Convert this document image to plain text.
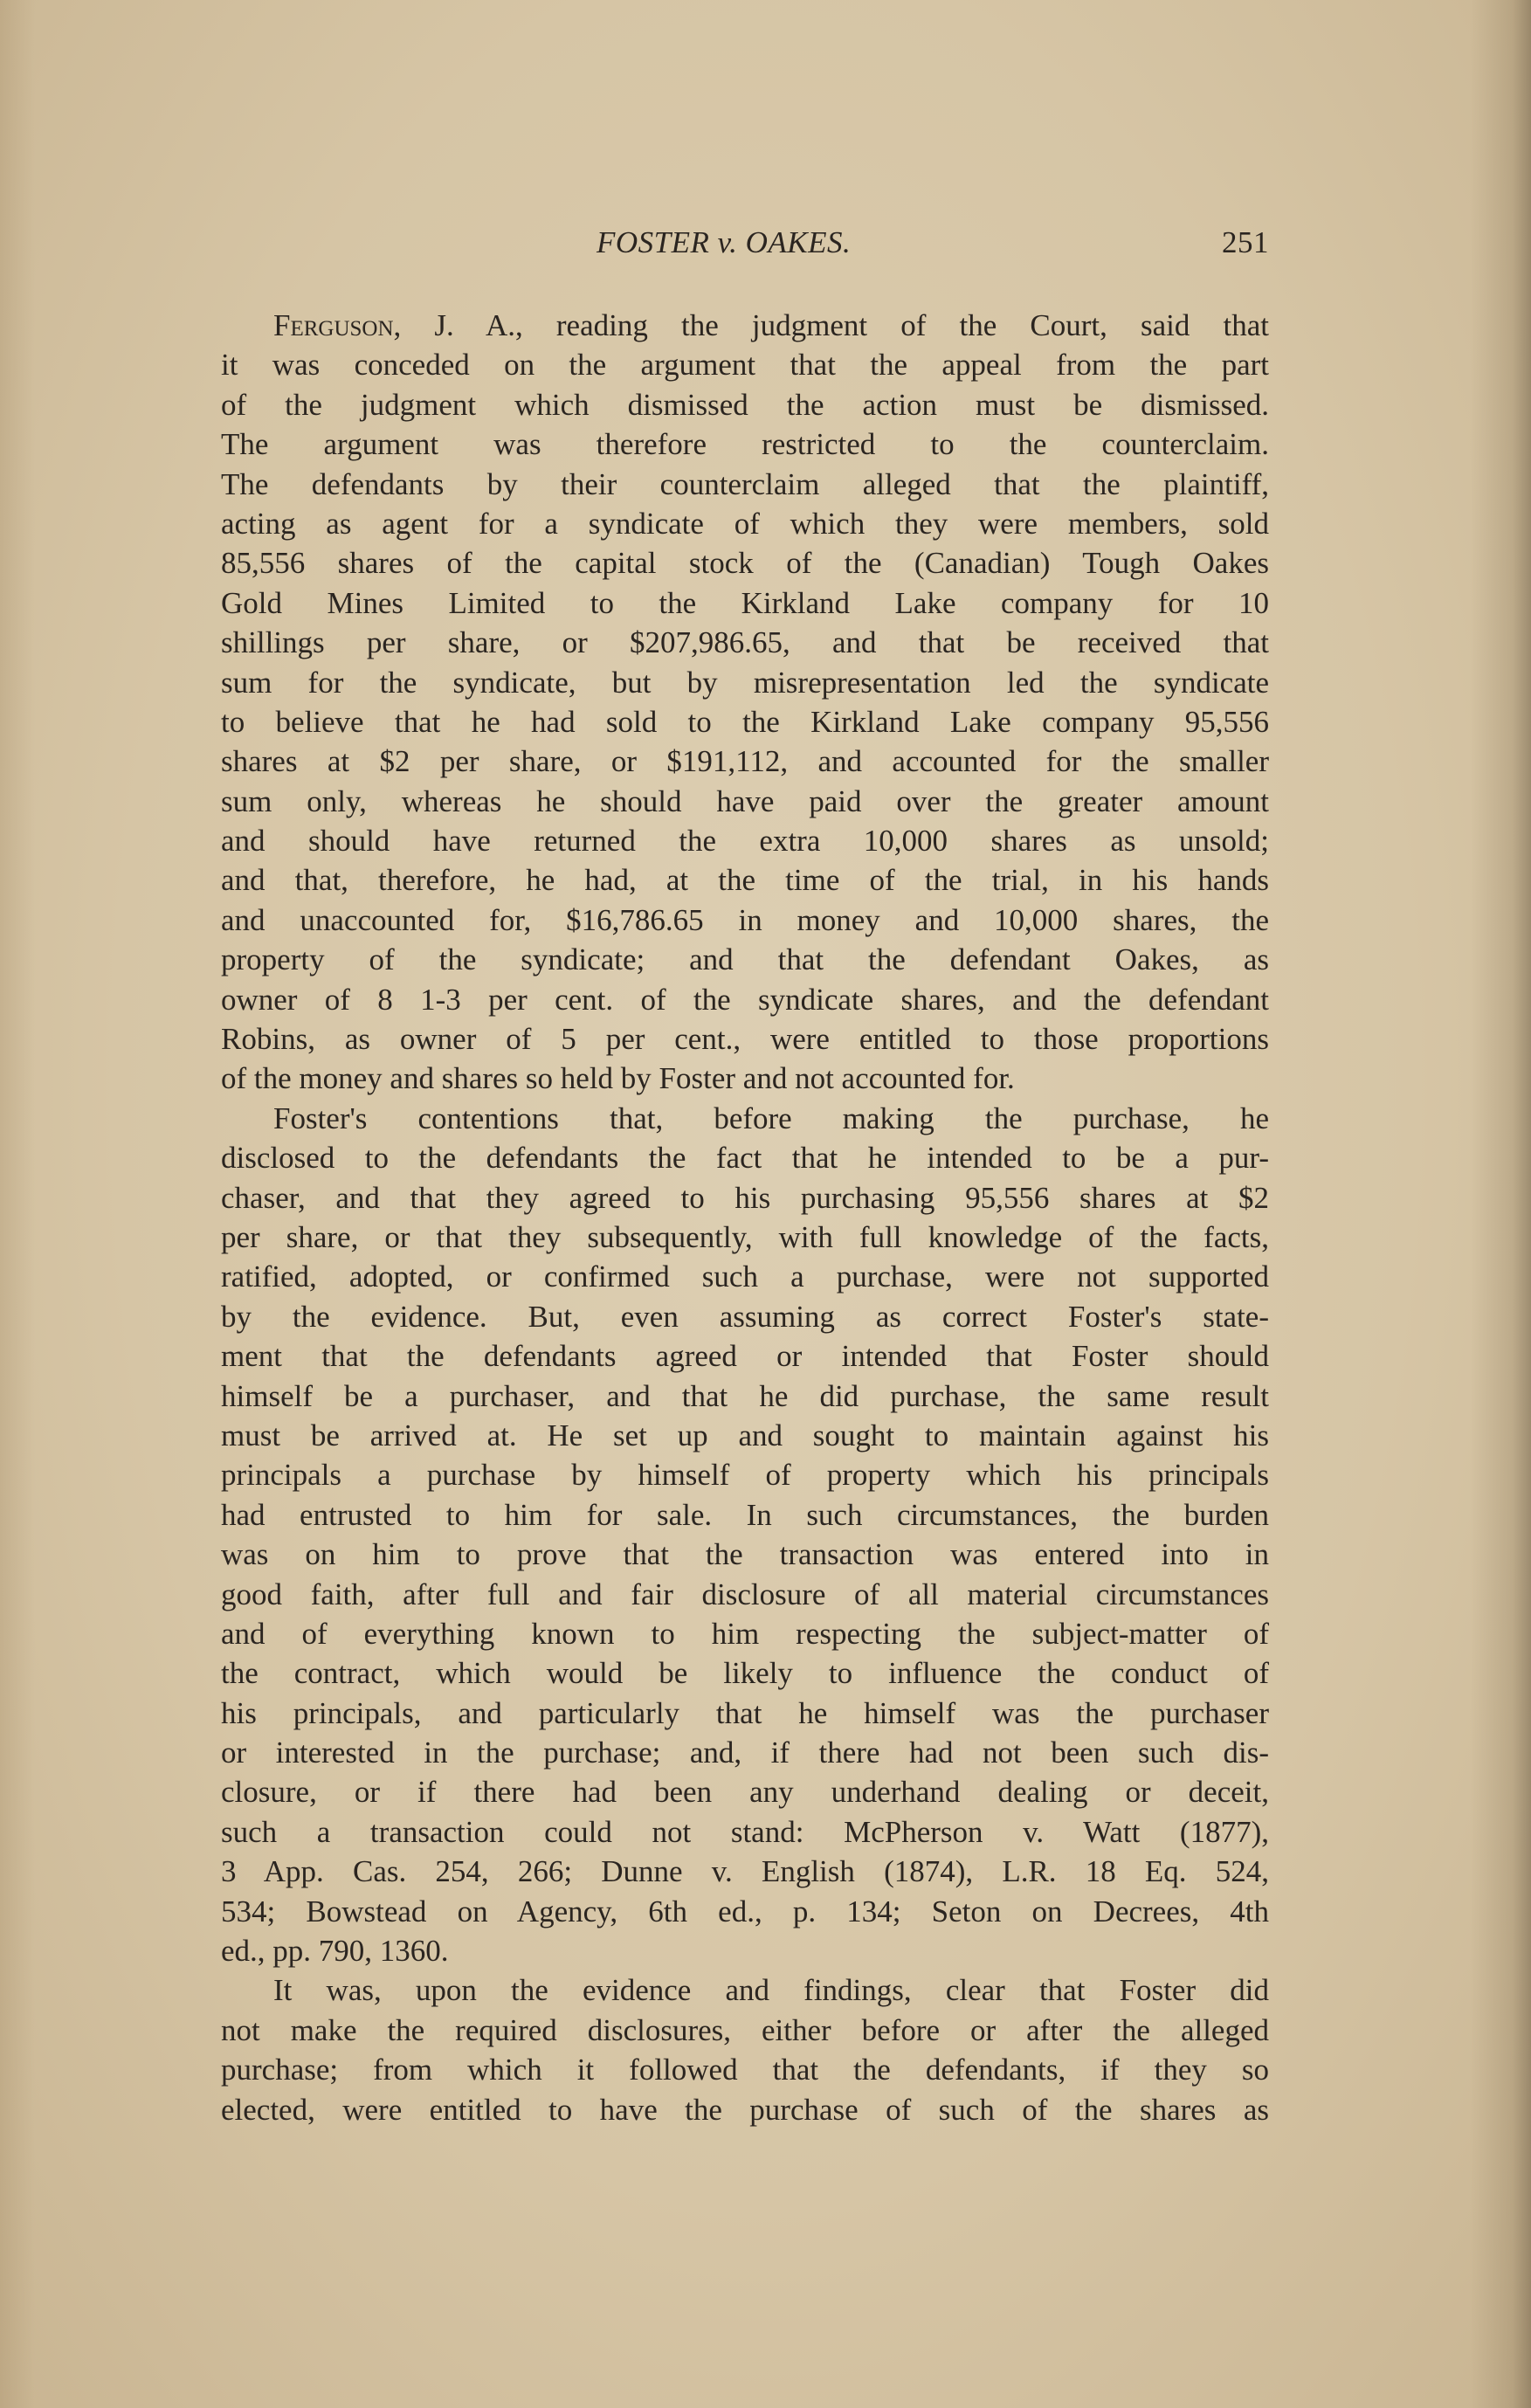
FOSTER v. OAKES.	251
Ferguson, J. A., reading the judgment of the Court, said that
it was conceded on the argument that the appeal from the part
of the judgment which dismissed the action must be dismissed.
The argument was therefore restricted to the counterclaim.
The defendants by their counterclaim alleged that the plaintiff,
acting as agent for a syndicate of which they were members, sold
85,556 shares of the capital stock of the (Canadian) Tough Oakes
Gold Mines Limited to the Kirkland Lake company for 10
shillings per share, or $207,986.65, and that be received that
sum for the syndicate, but by misrepresentation led the syndicate
to believe that he had sold to the Kirkland Lake company 95,556
shares at $2 per share, or $191,112, and accounted for the smaller
sum only, whereas he should have paid over the greater amount
and should have returned the extra 10,000 shares as unsold;
and that, therefore, he had, at the time of the trial, in his hands
and unaccounted for, $16,786.65 in money and 10,000 shares, the
property of the syndicate; and that the defendant Oakes, as
owner of 8 1-3 per cent. of the syndicate shares, and the defendant
Robins, as owner of 5 per cent., were entitled to those proportions
of the money and shares so held by Foster and not accounted for.
Foster's contentions that, before making the purchase, he
disclosed to the defendants the fact that he intended to be a pur-
chaser, and that they agreed to his purchasing 95,556 shares at $2
per share, or that they subsequently, with full knowledge of the facts,
ratified, adopted, or confirmed such a purchase, were not supported
by the evidence. But, even assuming as correct Foster's state-
ment that the defendants agreed or intended that Foster should
himself be a purchaser, and that he did purchase, the same result
must be arrived at. He set up and sought to maintain against his
principals a purchase by himself of property which his principals
had entrusted to him for sale. In such circumstances, the burden
was on him to prove that the transaction was entered into in
good faith, after full and fair disclosure of all material circumstances
and of everything known to him respecting the subject-matter of
the contract, which would be likely to influence the conduct of
his principals, and particularly that he himself was the purchaser
or interested in the purchase; and, if there had not been such dis-
closure, or if there had been any underhand dealing or deceit,
such a transaction could not stand: McPherson v. Watt (1877),
3 App. Cas. 254, 266; Dunne v. English (1874), L.R. 18 Eq. 524,
534; Bowstead on Agency, 6th ed., p. 134; Seton on Decrees, 4th
ed., pp. 790, 1360.
It was, upon the evidence and findings, clear that Foster did
not make the required disclosures, either before or after the alleged
purchase; from which it followed that the defendants, if they so
elected, were entitled to have the purchase of such of the shares as
